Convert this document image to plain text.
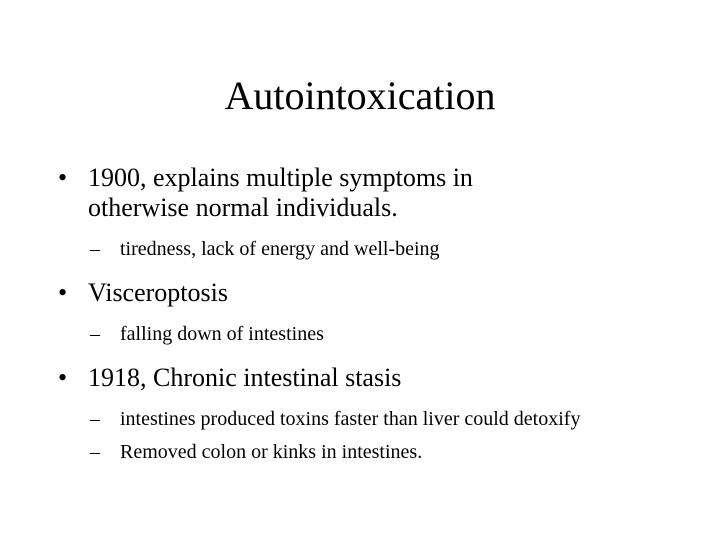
Autointoxication
• 1900, explains multiple symptoms in otherwise normal individuals.
–	tiredness, lack of energy and well-being
• Visceroptosis
–	falling down of intestines
• 1918, Chronic intestinal stasis
–	intestines produced toxins faster than liver could detoxify
–	Removed colon or kinks in intestines.
